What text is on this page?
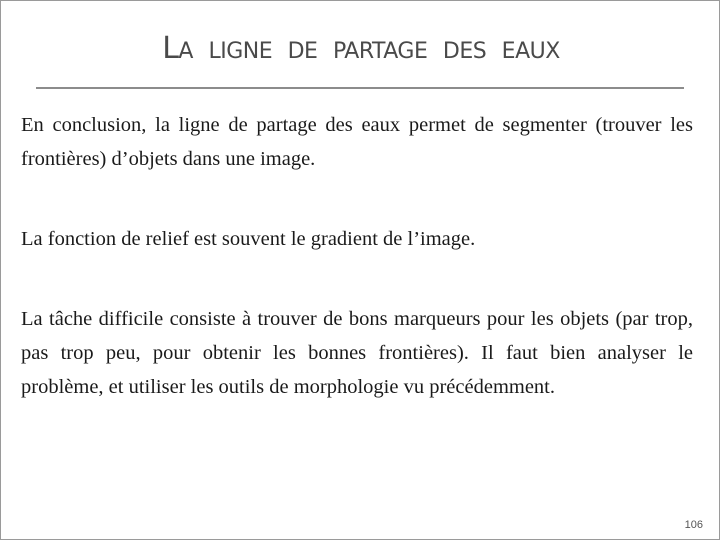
LA LIGNE DE PARTAGE DES EAUX

En conclusion, la ligne de partage des eaux permet de segmenter (trouver les frontières) d’objets dans une image.

La fonction de relief est souvent le gradient de l’image.

La tâche difficile consiste à trouver de bons marqueurs pour les objets (par trop, pas trop peu, pour obtenir les bonnes frontières). Il faut bien analyser le problème, et utiliser les outils de morphologie vu précédemment.

106
